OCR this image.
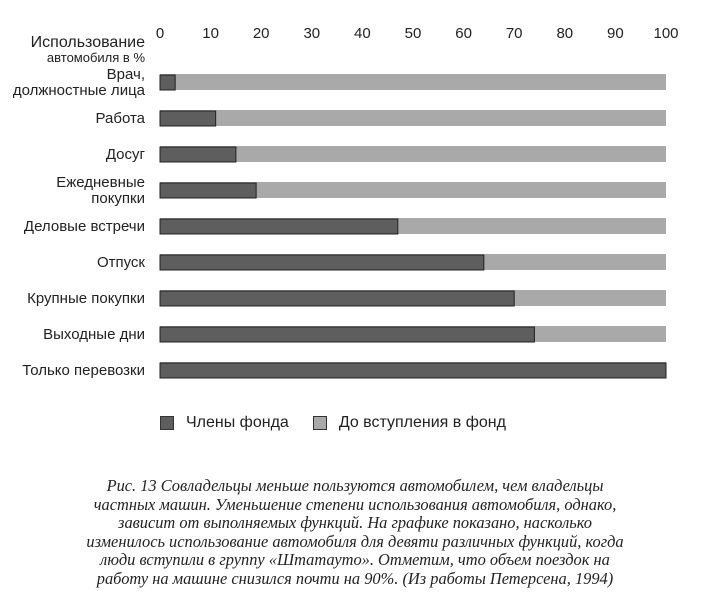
Использование
автомобиля в %
0	10 20 30 40 50 60 70 80 90 100
Врач,
должностные лица
Работа
Досуг
Ежедневные
покупки
Деловые встречи
Отпуск
Крупные покупки
Выходные дни
Только перевозки
Члены фонда	До вступления в фонд
Рис. 13 Совладельцы меньше пользуются автомобилем, чем владельцы
частных машин. Уменьшение степени использования автомобиля, однако,
зависит от выполняемых функций. На графике показано, насколько
изменилось использование автомобиля для девяти различных функций, когда
люди вступили в группу «Штатауто». Отметим, что объем поездок на
работу на машине снизился почти на 90%. (Из работы Петерсена, 1994)
